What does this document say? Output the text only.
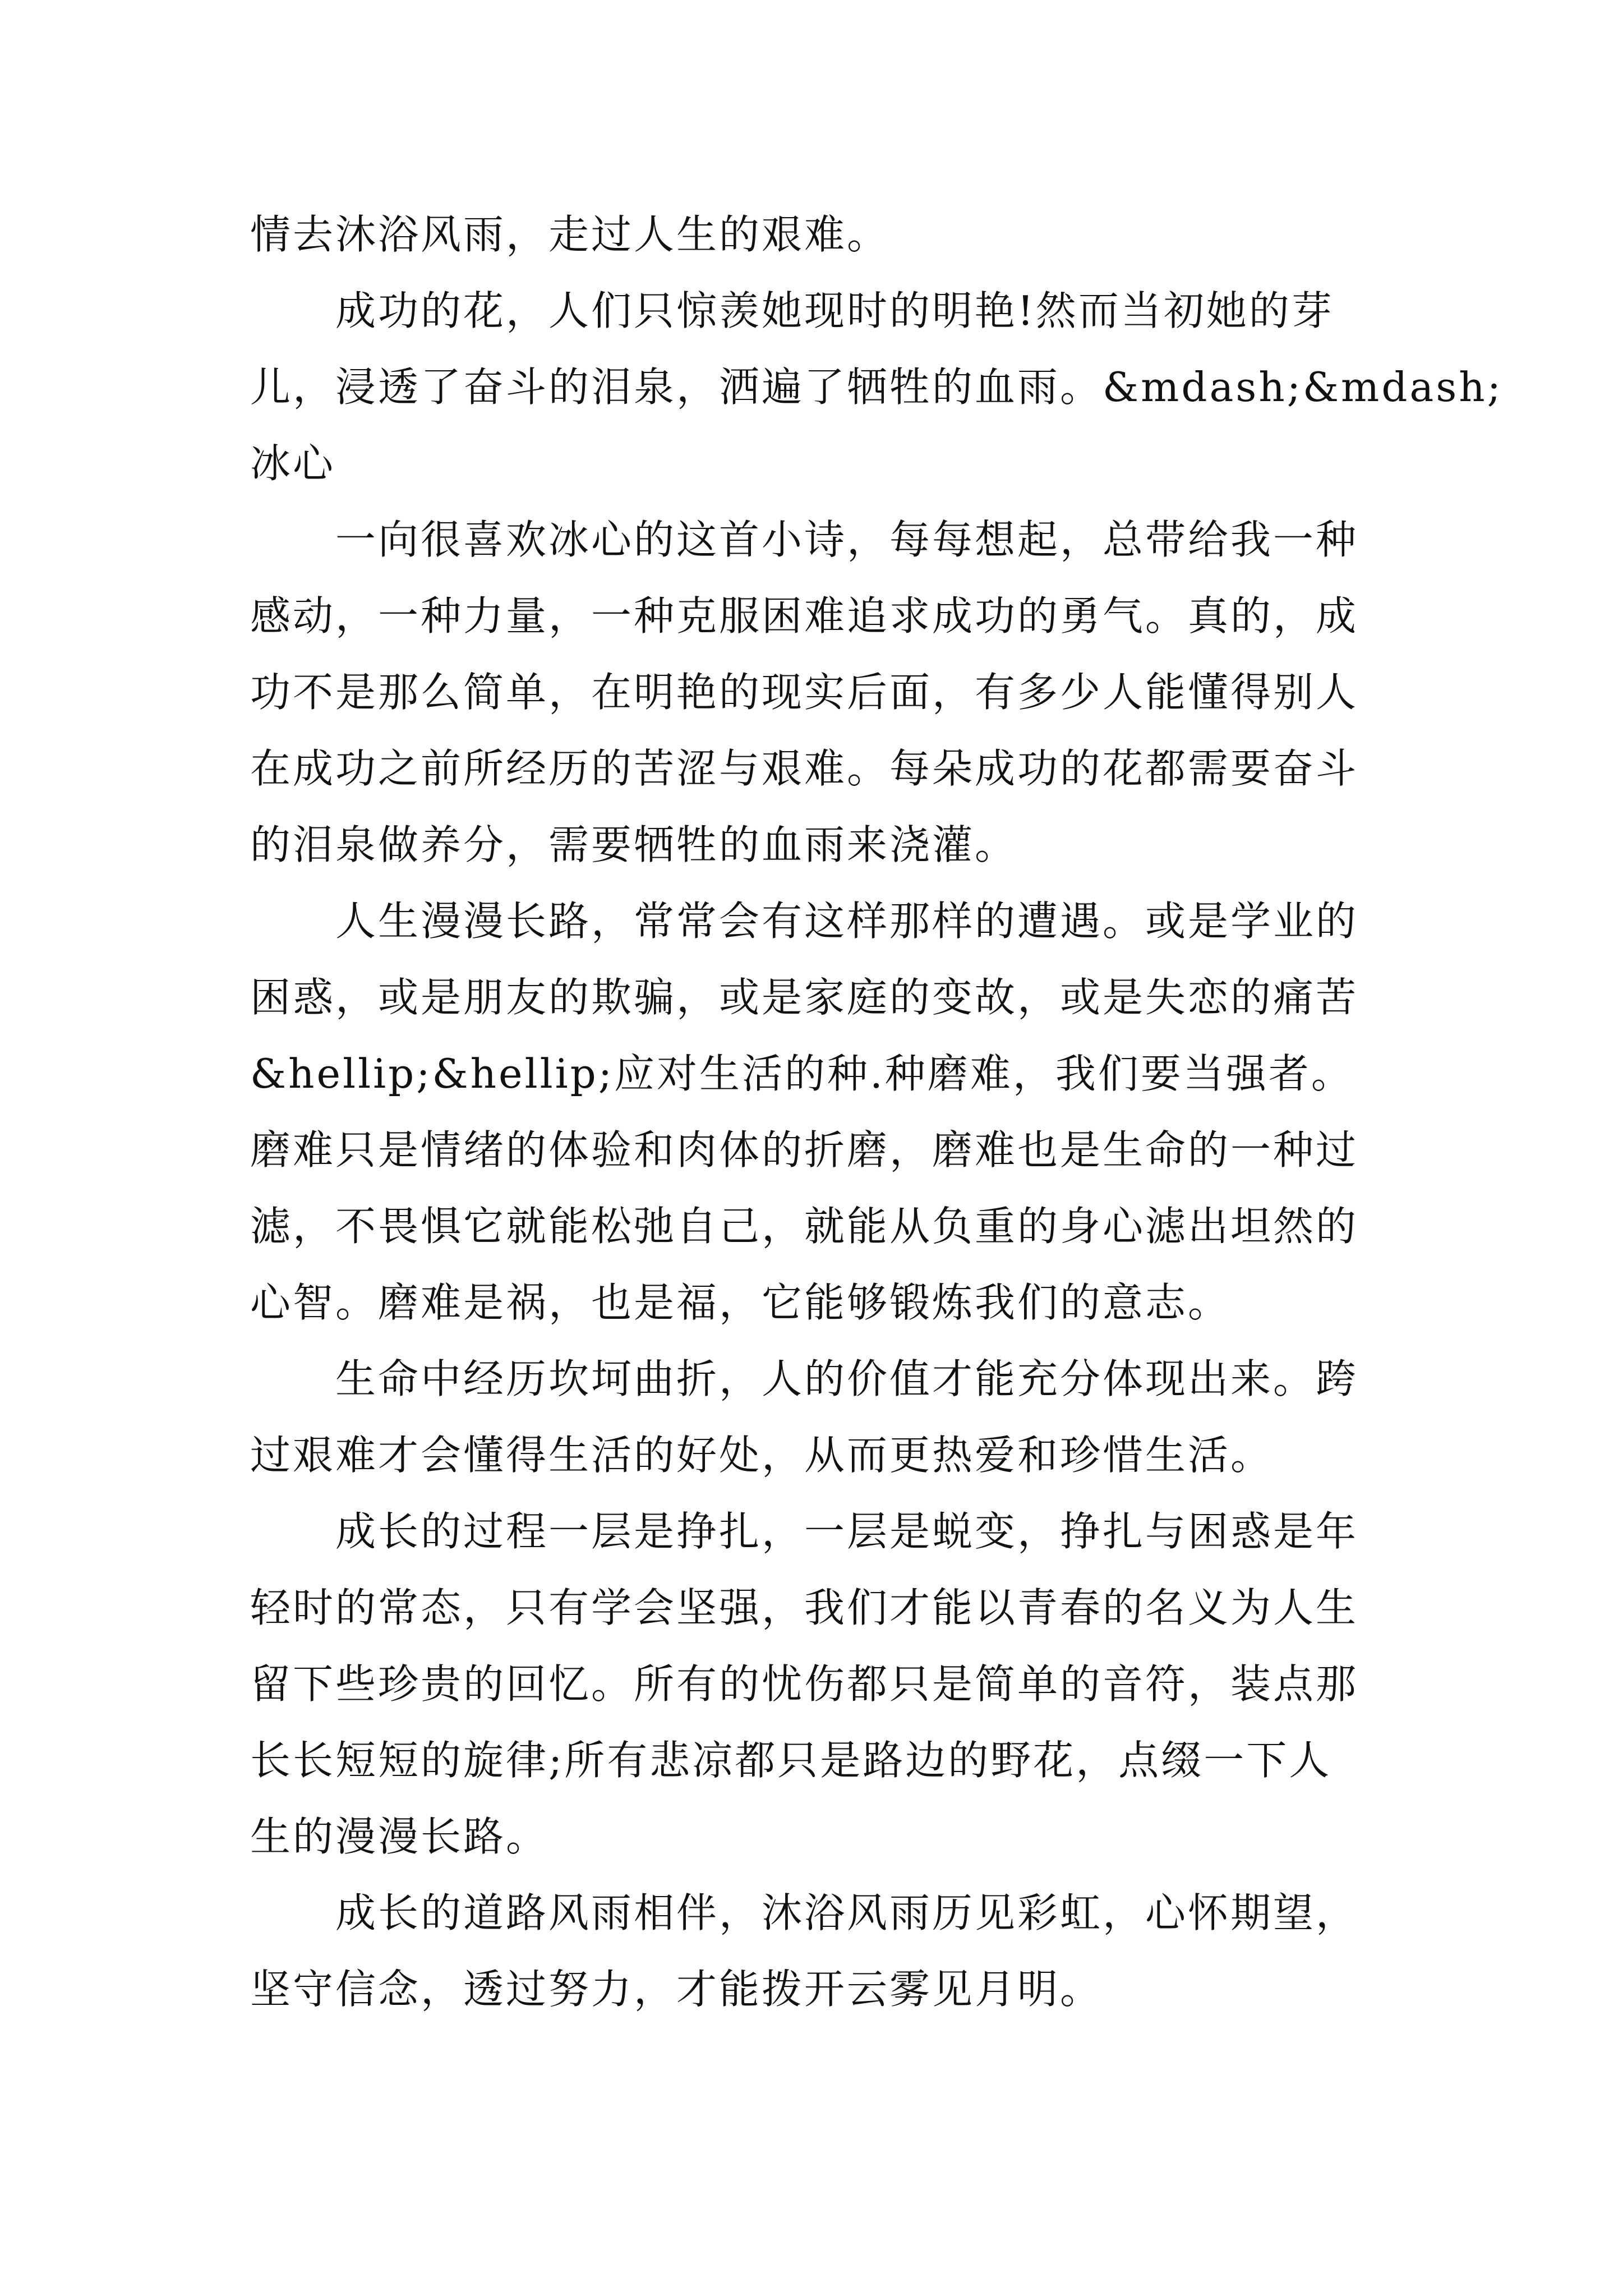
情去沐浴风雨，走过人生的艰难。
成功的花，人们只惊羡她现时的明艳!然而当初她的芽
儿，浸透了奋斗的泪泉，洒遍了牺牲的血雨。&mdash;&mdash;
冰心
一向很喜欢冰心的这首小诗，每每想起，总带给我一种
感动，一种力量，一种克服困难追求成功的勇气。真的，成
功不是那么简单，在明艳的现实后面，有多少人能懂得别人
在成功之前所经历的苦涩与艰难。每朵成功的花都需要奋斗
的泪泉做养分，需要牺牲的血雨来浇灌。
人生漫漫长路，常常会有这样那样的遭遇。或是学业的
困惑，或是朋友的欺骗，或是家庭的变故，或是失恋的痛苦
&hellip;&hellip;应对生活的种.种磨难，我们要当强者。
磨难只是情绪的体验和肉体的折磨，磨难也是生命的一种过
滤，不畏惧它就能松弛自己，就能从负重的身心滤出坦然的
心智。磨难是祸，也是福，它能够锻炼我们的意志。
生命中经历坎坷曲折，人的价值才能充分体现出来。跨
过艰难才会懂得生活的好处，从而更热爱和珍惜生活。
成长的过程一层是挣扎，一层是蜕变，挣扎与困惑是年
轻时的常态，只有学会坚强，我们才能以青春的名义为人生
留下些珍贵的回忆。所有的忧伤都只是简单的音符，装点那
长长短短的旋律;所有悲凉都只是路边的野花，点缀一下人
生的漫漫长路。
成长的道路风雨相伴，沐浴风雨历见彩虹，心怀期望，
坚守信念，透过努力，才能拨开云雾见月明。
